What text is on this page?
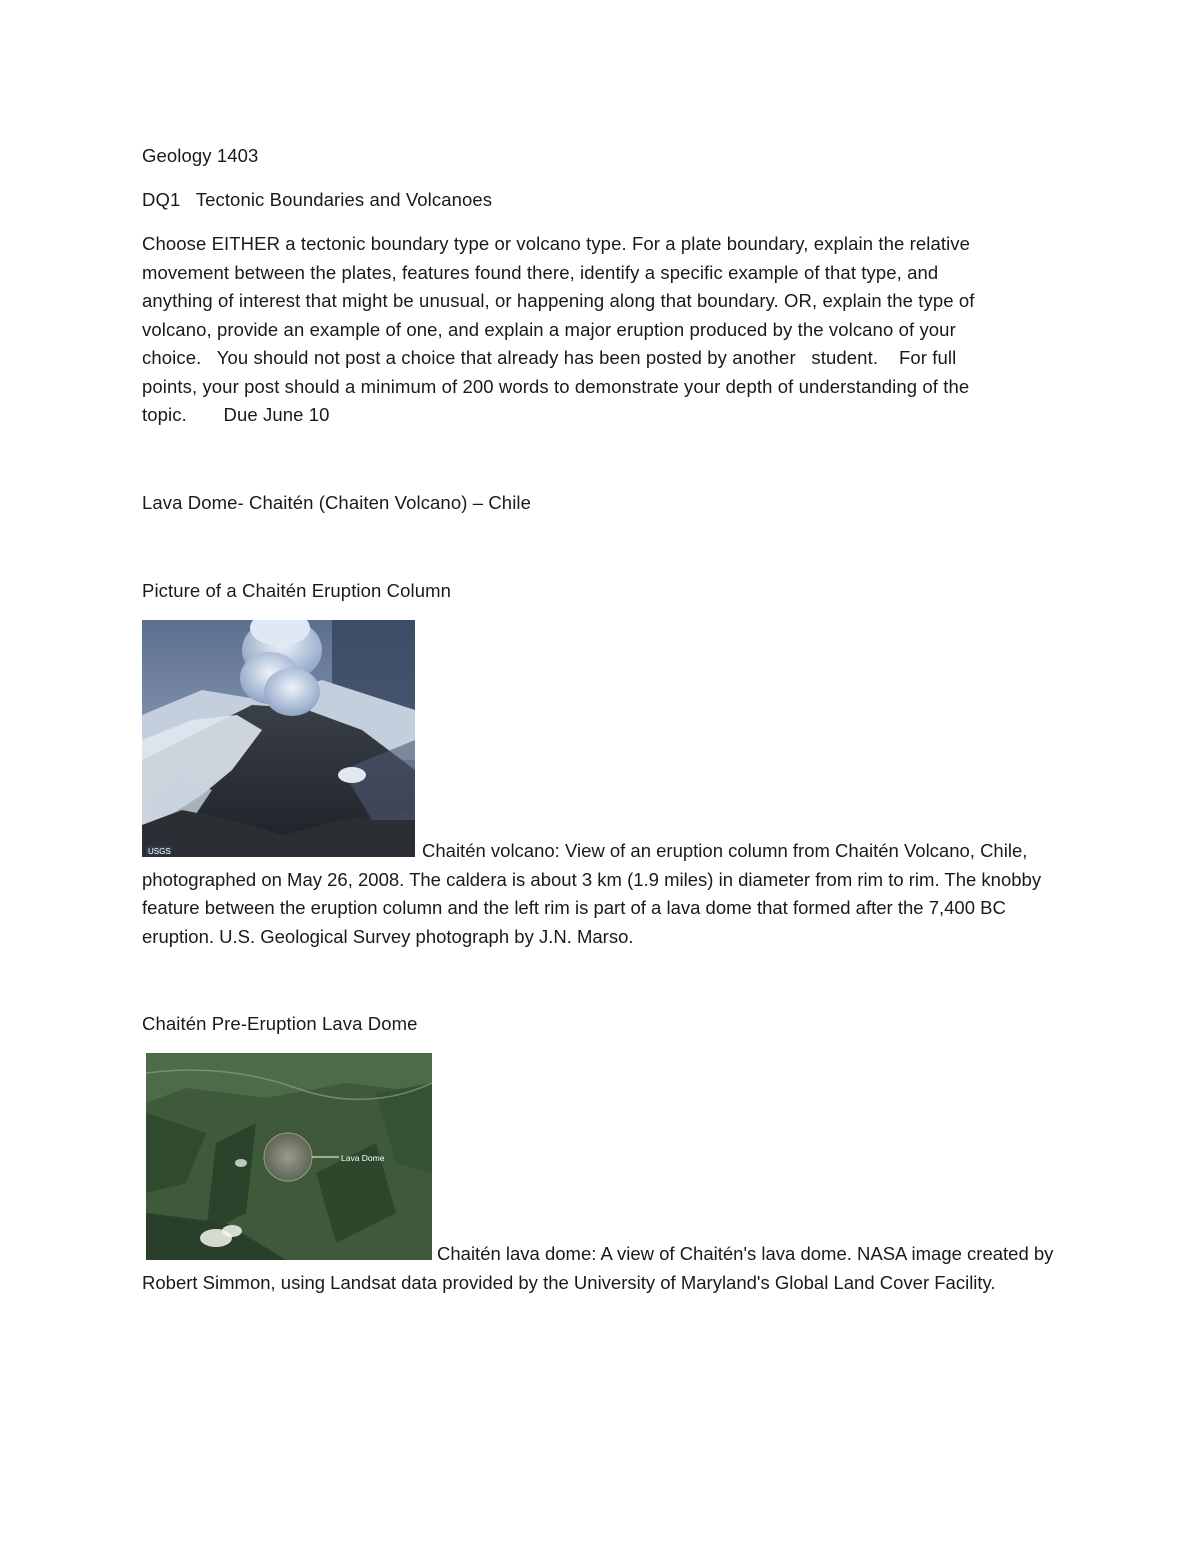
Geology 1403
DQ1   Tectonic Boundaries and Volcanoes
Choose EITHER a tectonic boundary type or volcano type. For a plate boundary, explain the relative
movement between the plates, features found there, identify a specific example of that type, and
anything of interest that might be unusual, or happening along that boundary. OR, explain the type of
volcano, provide an example of one, and explain a major eruption produced by the volcano of your
choice.   You should not post a choice that already has been posted by another   student.    For full
points, your post should a minimum of 200 words to demonstrate your depth of understanding of the
topic.       Due June 10
Lava Dome- Chaitén (Chaiten Volcano) – Chile
Picture of a Chaitén Eruption Column
USGS	Chaitén volcano: View of an eruption column from Chaitén Volcano, Chile, photographed on May 26, 2008. The caldera is about 3 km (1.9 miles) in diameter from rim to rim. The knobby feature between the eruption column and the left rim is part of a lava dome that formed after the 7,400 BC eruption. U.S. Geological Survey photograph by J.N. Marso.
Chaitén Pre-Eruption Lava Dome
Lava Dome
Chaitén lava dome: A view of Chaitén's lava dome. NASA image created by Robert Simmon, using Landsat data provided by the University of Maryland's Global Land Cover Facility.
